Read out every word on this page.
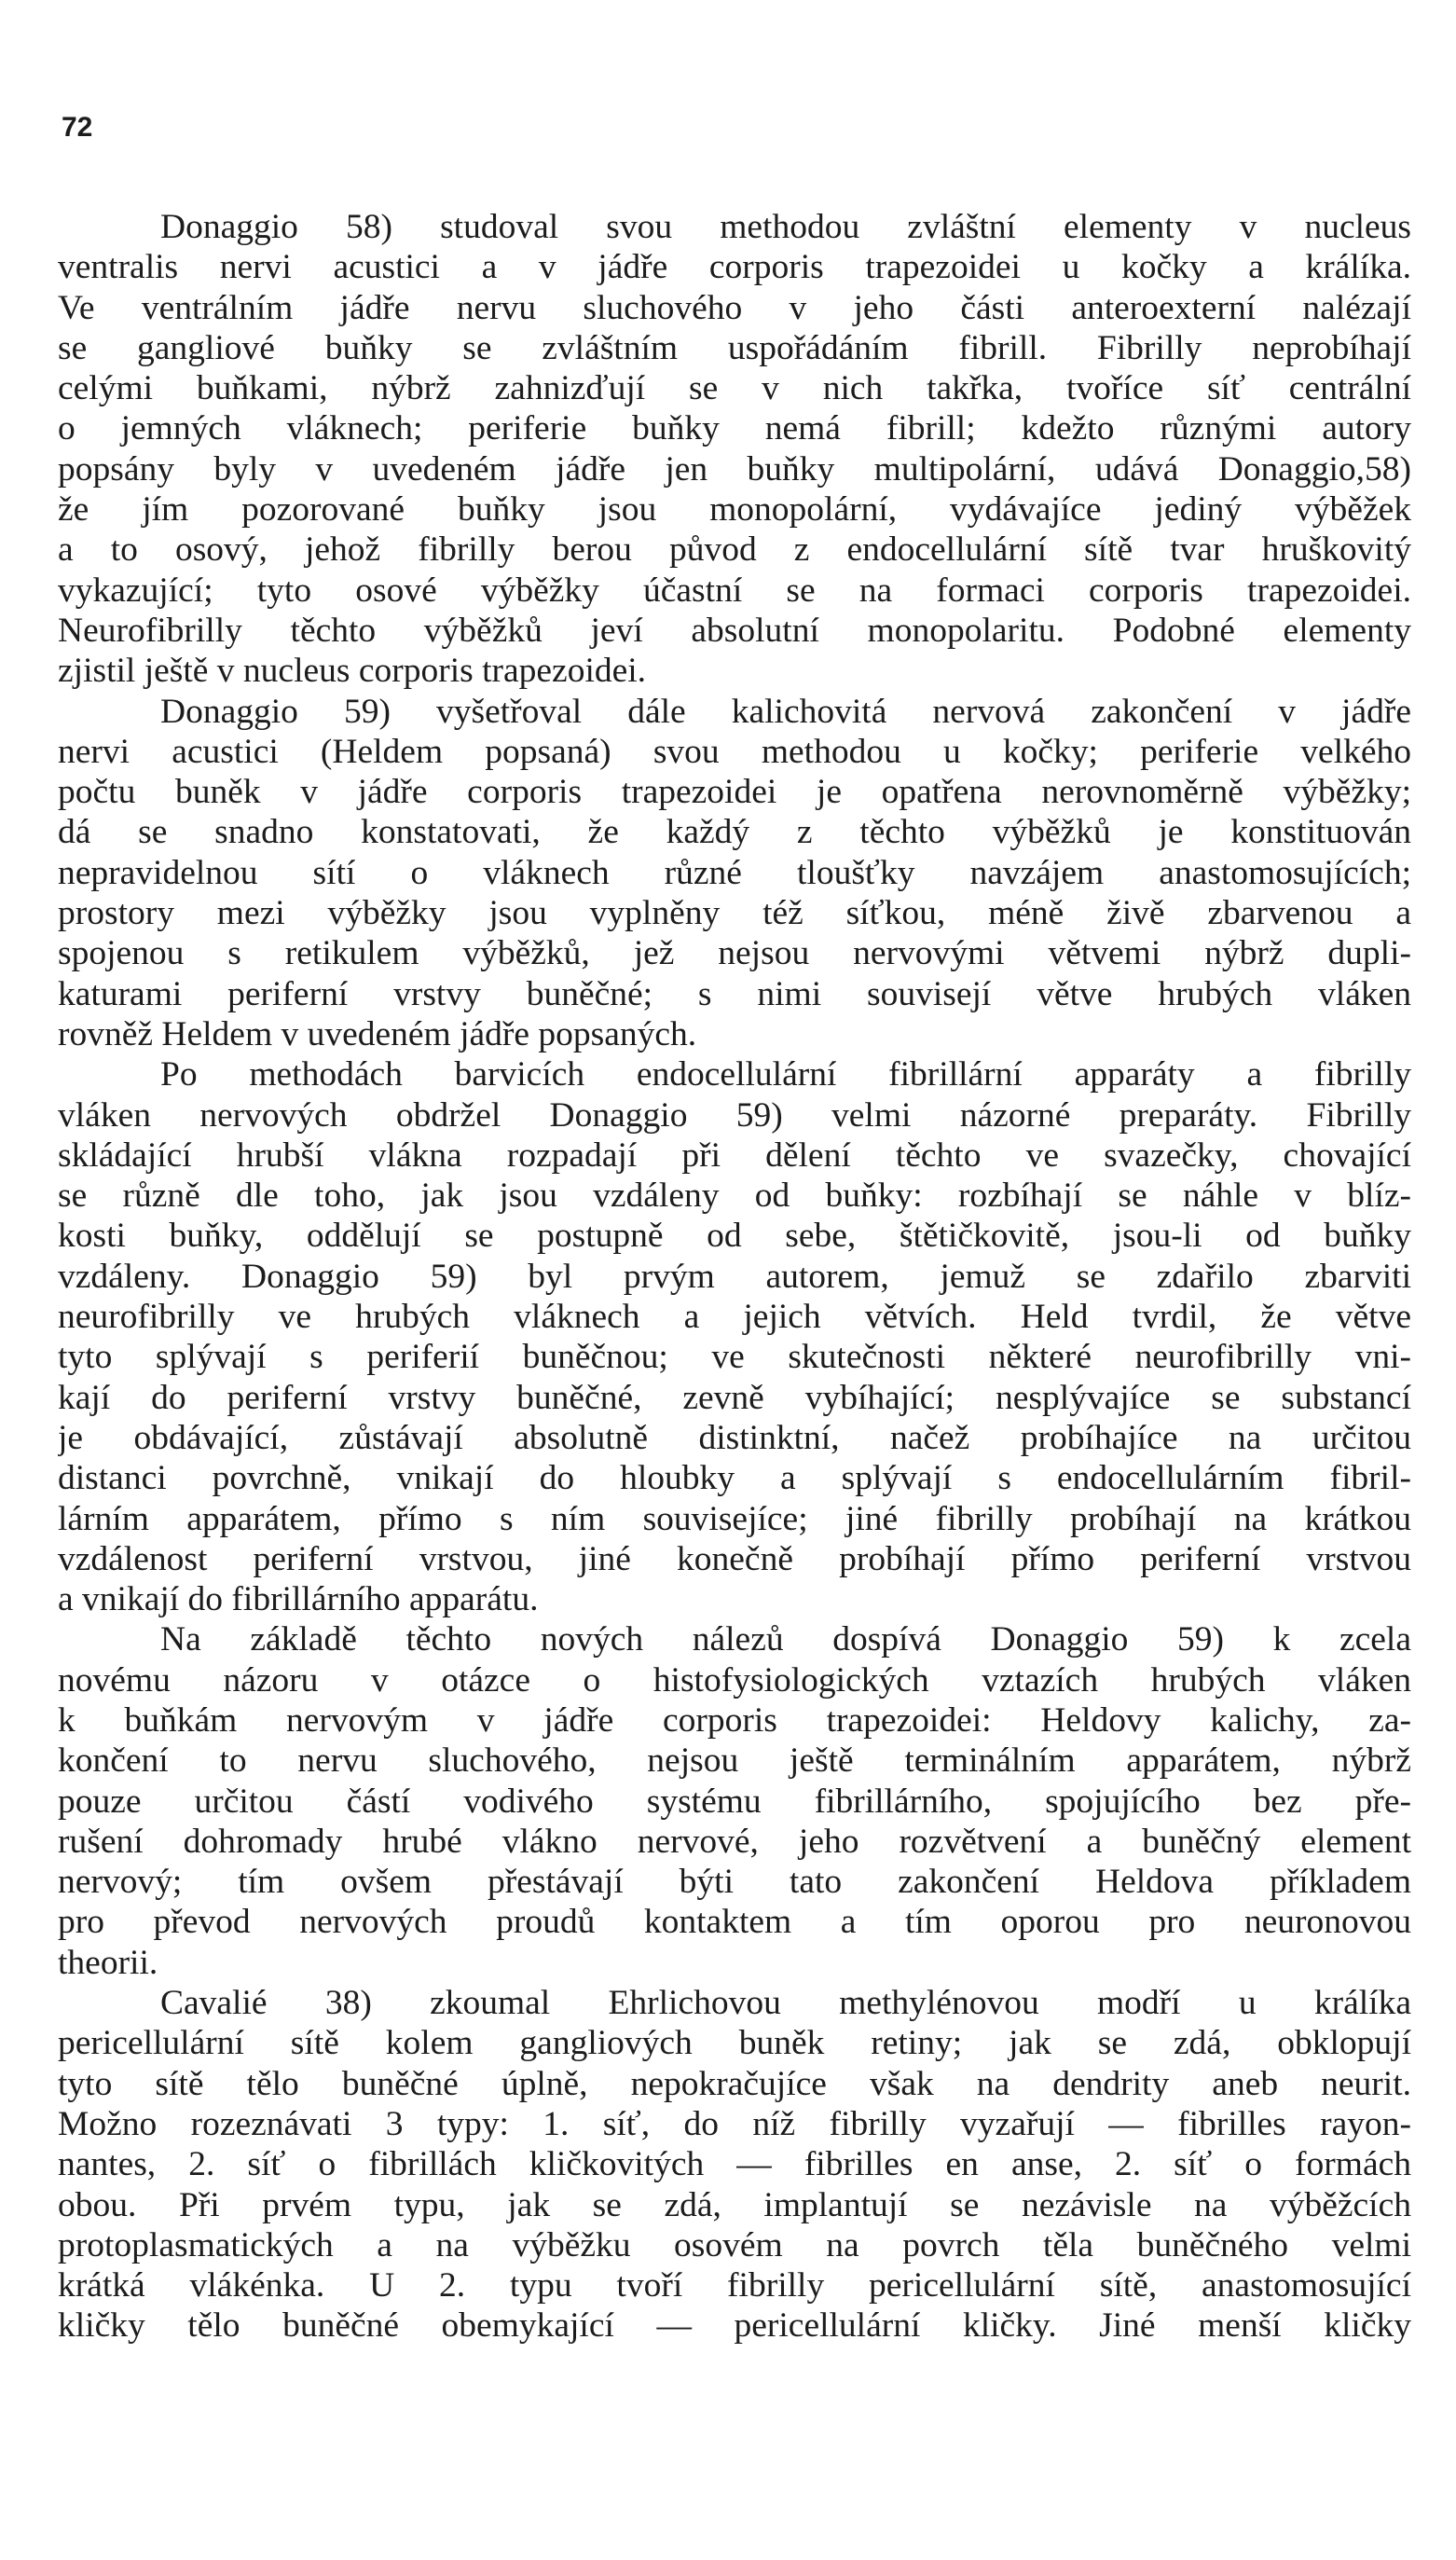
72
Donaggio 58) studoval svou methodou zvláštní elementy v nucleus
ventralis nervi acustici a v jádře corporis trapezoidei u kočky a králíka.
Ve ventrálním jádře nervu sluchového v jeho části anteroexterní nalézají
se gangliové buňky se zvláštním uspořádáním fibrill. Fibrilly neprobíhají
celými buňkami, nýbrž zahnizďují se v nich takřka, tvoříce síť centrální
o jemných vláknech; periferie buňky nemá fibrill; kdežto různými autory
popsány byly v uvedeném jádře jen buňky multipolární, udává Donaggio,58)
že jím pozorované buňky jsou monopolární, vydávajíce jediný výběžek
a to osový, jehož fibrilly berou původ z endocellulární sítě tvar hruškovitý
vykazující; tyto osové výběžky účastní se na formaci corporis trapezoidei.
Neurofibrilly těchto výběžků jeví absolutní monopolaritu. Podobné elementy
zjistil ještě v nucleus corporis trapezoidei.
Donaggio 59) vyšetřoval dále kalichovitá nervová zakončení v jádře
nervi acustici (Heldem popsaná) svou methodou u kočky; periferie velkého
počtu buněk v jádře corporis trapezoidei je opatřena nerovnoměrně výběžky;
dá se snadno konstatovati, že každý z těchto výběžků je konstituován
nepravidelnou sítí o vláknech různé tloušťky navzájem anastomosujících;
prostory mezi výběžky jsou vyplněny též síťkou, méně živě zbarvenou a
spojenou s retikulem výběžků, jež nejsou nervovými větvemi nýbrž dupli-
katurami periferní vrstvy buněčné; s nimi souvisejí větve hrubých vláken
rovněž Heldem v uvedeném jádře popsaných.
Po methodách barvicích endocellulární fibrillární apparáty a fibrilly
vláken nervových obdržel Donaggio 59) velmi názorné preparáty. Fibrilly
skládající hrubší vlákna rozpadají při dělení těchto ve svazečky, chovající
se různě dle toho, jak jsou vzdáleny od buňky: rozbíhají se náhle v blíz-
kosti buňky, oddělují se postupně od sebe, štětičkovitě, jsou-li od buňky
vzdáleny. Donaggio 59) byl prvým autorem, jemuž se zdařilo zbarviti
neurofibrilly ve hrubých vláknech a jejich větvích. Held tvrdil, že větve
tyto splývají s periferií buněčnou; ve skutečnosti některé neurofibrilly vni-
kají do periferní vrstvy buněčné, zevně vybíhající; nesplývajíce se substancí
je obdávající, zůstávají absolutně distinktní, načež probíhajíce na určitou
distanci povrchně, vnikají do hloubky a splývají s endocellulárním fibril-
lárním apparátem, přímo s ním souvisejíce; jiné fibrilly probíhají na krátkou
vzdálenost periferní vrstvou, jiné konečně probíhají přímo periferní vrstvou
a vnikají do fibrillárního apparátu.
Na základě těchto nových nálezů dospívá Donaggio 59) k zcela
novému názoru v otázce o histofysiologických vztazích hrubých vláken
k buňkám nervovým v jádře corporis trapezoidei: Heldovy kalichy, za-
končení to nervu sluchového, nejsou ještě terminálním apparátem, nýbrž
pouze určitou částí vodivého systému fibrillárního, spojujícího bez pře-
rušení dohromady hrubé vlákno nervové, jeho rozvětvení a buněčný element
nervový; tím ovšem přestávají býti tato zakončení Heldova příkladem
pro převod nervových proudů kontaktem a tím oporou pro neuronovou
theorii.
Cavalié 38) zkoumal Ehrlichovou methylénovou modří u králíka
pericellulární sítě kolem gangliových buněk retiny; jak se zdá, obklopují
tyto sítě tělo buněčné úplně, nepokračujíce však na dendrity aneb neurit.
Možno rozeznávati 3 typy: 1. síť, do níž fibrilly vyzařují — fibrilles rayon-
nantes, 2. síť o fibrillách kličkovitých — fibrilles en anse, 2. síť o formách
obou. Při prvém typu, jak se zdá, implantují se nezávisle na výběžcích
protoplasmatických a na výběžku osovém na povrch těla buněčného velmi
krátká vlákénka. U 2. typu tvoří fibrilly pericellulární sítě, anastomosující
kličky tělo buněčné obemykající — pericellulární kličky. Jiné menší kličky
